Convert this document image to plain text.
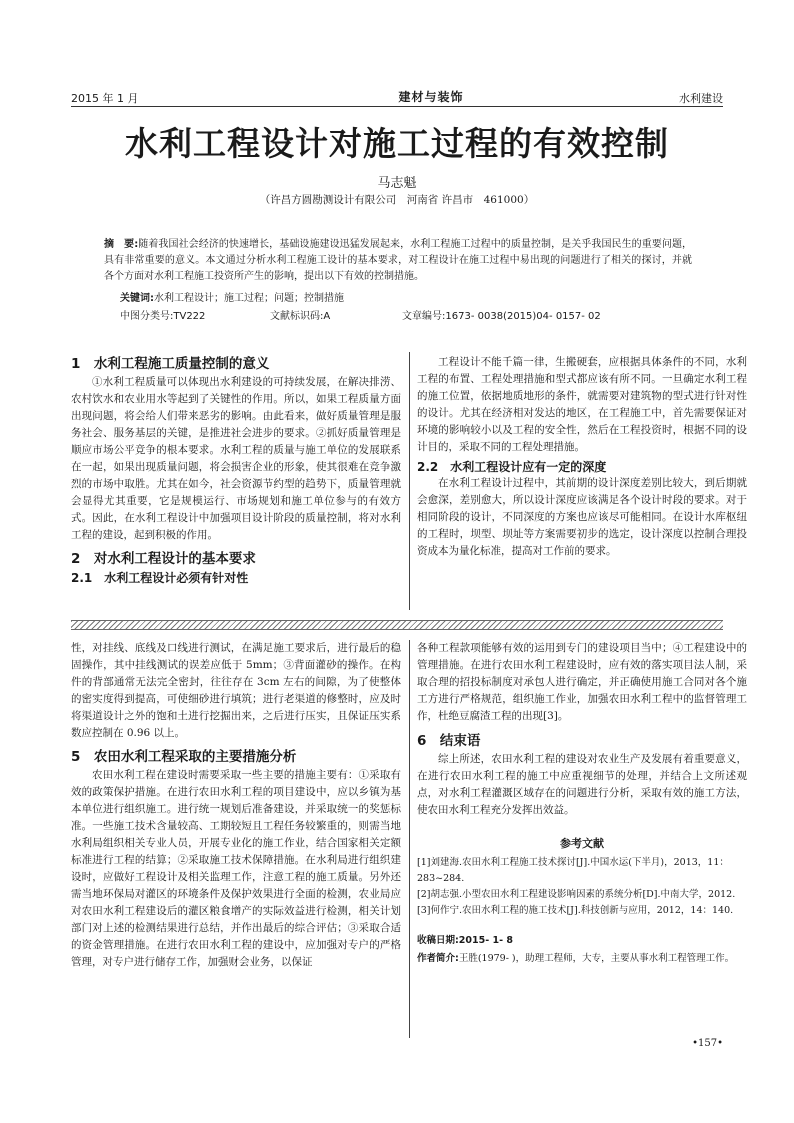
2015 年 1 月	建材与装饰	水利建设
水利工程设计对施工过程的有效控制
马志魁
（许昌方圆勘测设计有限公司　河南省 许昌市　461000）
摘　要:随着我国社会经济的快速增长，基础设施建设迅猛发展起来，水利工程施工过程中的质量控制，是关乎我国民生的重要问题，具有非常重要的意义。本文通过分析水利工程施工设计的基本要求，对工程设计在施工过程中易出现的问题进行了相关的探讨，并就各个方面对水利工程施工投资所产生的影响，提出以下有效的控制措施。
关键词:水利工程设计；施工过程；问题；控制措施
中图分类号:TV222	文献标识码:A	文章编号:1673- 0038(2015)04- 0157- 02
1　水利工程施工质量控制的意义

①水利工程质量可以体现出水利建设的可持续发展，在解决排涝、农村饮水和农业用水等起到了关键性的作用。所以，如果工程质量方面出现问题，将会给人们带来恶劣的影响。由此看来，做好质量管理是服务社会、服务基层的关键，是推进社会进步的要求。②抓好质量管理是顺应市场公平竞争的根本要求。水利工程的质量与施工单位的发展联系在一起，如果出现质量问题，将会损害企业的形象，使其很难在竞争激烈的市场中取胜。尤其在如今，社会资源节约型的趋势下，质量管理就会显得尤其重要，它是规模运行、市场规划和施工单位参与的有效方式。因此，在水利工程设计中加强项目设计阶段的质量控制，将对水利工程的建设，起到积极的作用。

2　对水利工程设计的基本要求
2.1　水利工程设计必须有针对性

工程设计不能千篇一律，生搬硬套，应根据具体条件的不同，水利工程的布置、工程处理措施和型式都应该有所不同。一旦确定水利工程的施工位置，依据地质地形的条件，就需要对建筑物的型式进行针对性的设计。尤其在经济相对发达的地区，在工程施工中，首先需要保证对环境的影响较小以及工程的安全性，然后在工程投资时，根据不同的设计目的，采取不同的工程处理措施。

2.2　水利工程设计应有一定的深度

在水利工程设计过程中，其前期的设计深度差别比较大，到后期就会愈深，差别愈大，所以设计深度应该满足各个设计时段的要求。对于相同阶段的设计，不同深度的方案也应该尽可能相同。在设计水库枢纽的工程时，坝型、坝址等方案需要初步的选定，设计深度以控制合理投资成本为量化标准，提高对工作前的要求。

性，对挂线、底线及口线进行测试，在满足施工要求后，进行最后的稳固操作，其中挂线测试的误差应低于 5mm；③背面灌砂的操作。在构件的背部通常无法完全密封，往往存在 3cm 左右的间隙，为了使整体的密实度得到提高，可使细砂进行填筑；进行老渠道的修整时，应及时将渠道设计之外的饱和土进行挖掘出来，之后进行压实，且保证压实系数应控制在 0.96 以上。

5　农田水利工程采取的主要措施分析

农田水利工程在建设时需要采取一些主要的措施主要有：①采取有效的政策保护措施。在进行农田水利工程的项目建设中，应以乡镇为基本单位进行组织施工。进行统一规划后准备建设，并采取统一的奖惩标准。一些施工技术含量较高、工期较短且工程任务较繁重的，则需当地水利局组织相关专业人员，开展专业化的施工作业，结合国家相关定额标准进行工程的结算；②采取施工技术保障措施。在水利局进行组织建设时，应做好工程设计及相关监理工作，注意工程的施工质量。另外还需当地环保局对灌区的环境条件及保护效果进行全面的检测，农业局应对农田水利工程建设后的灌区粮食增产的实际效益进行检测，相关计划部门对上述的检测结果进行总结，并作出最后的综合评估；③采取合适的资金管理措施。在进行农田水利工程的建设中，应加强对专户的严格管理，对专户进行储存工作，加强财会业务，以保证

各种工程款项能够有效的运用到专门的建设项目当中；④工程建设中的管理措施。在进行农田水利工程建设时，应有效的落实项目法人制，采取合理的招投标制度对承包人进行确定，并正确使用施工合同对各个施工方进行严格规范，组织施工作业，加强农田水利工程中的监督管理工作，杜绝豆腐渣工程的出现[3]。

6　结束语

综上所述，农田水利工程的建设对农业生产及发展有着重要意义，在进行农田水利工程的施工中应重视细节的处理，并结合上文所述观点，对水利工程灌溉区域存在的问题进行分析，采取有效的施工方法，使农田水利工程充分发挥出效益。

参考文献

[1]刘建海.农田水利工程施工技术探讨[J].中国水运(下半月)，2013，11：283~284.

[2]胡志强.小型农田水利工程建设影响因素的系统分析[D].中南大学，2012.

[3]何作宁.农田水利工程的施工技术[J].科技创新与应用，2012，14：140.

收稿日期:2015- 1- 8
作者简介:王胜(1979- )，助理工程师，大专，主要从事水利工程管理工作。
•157•
